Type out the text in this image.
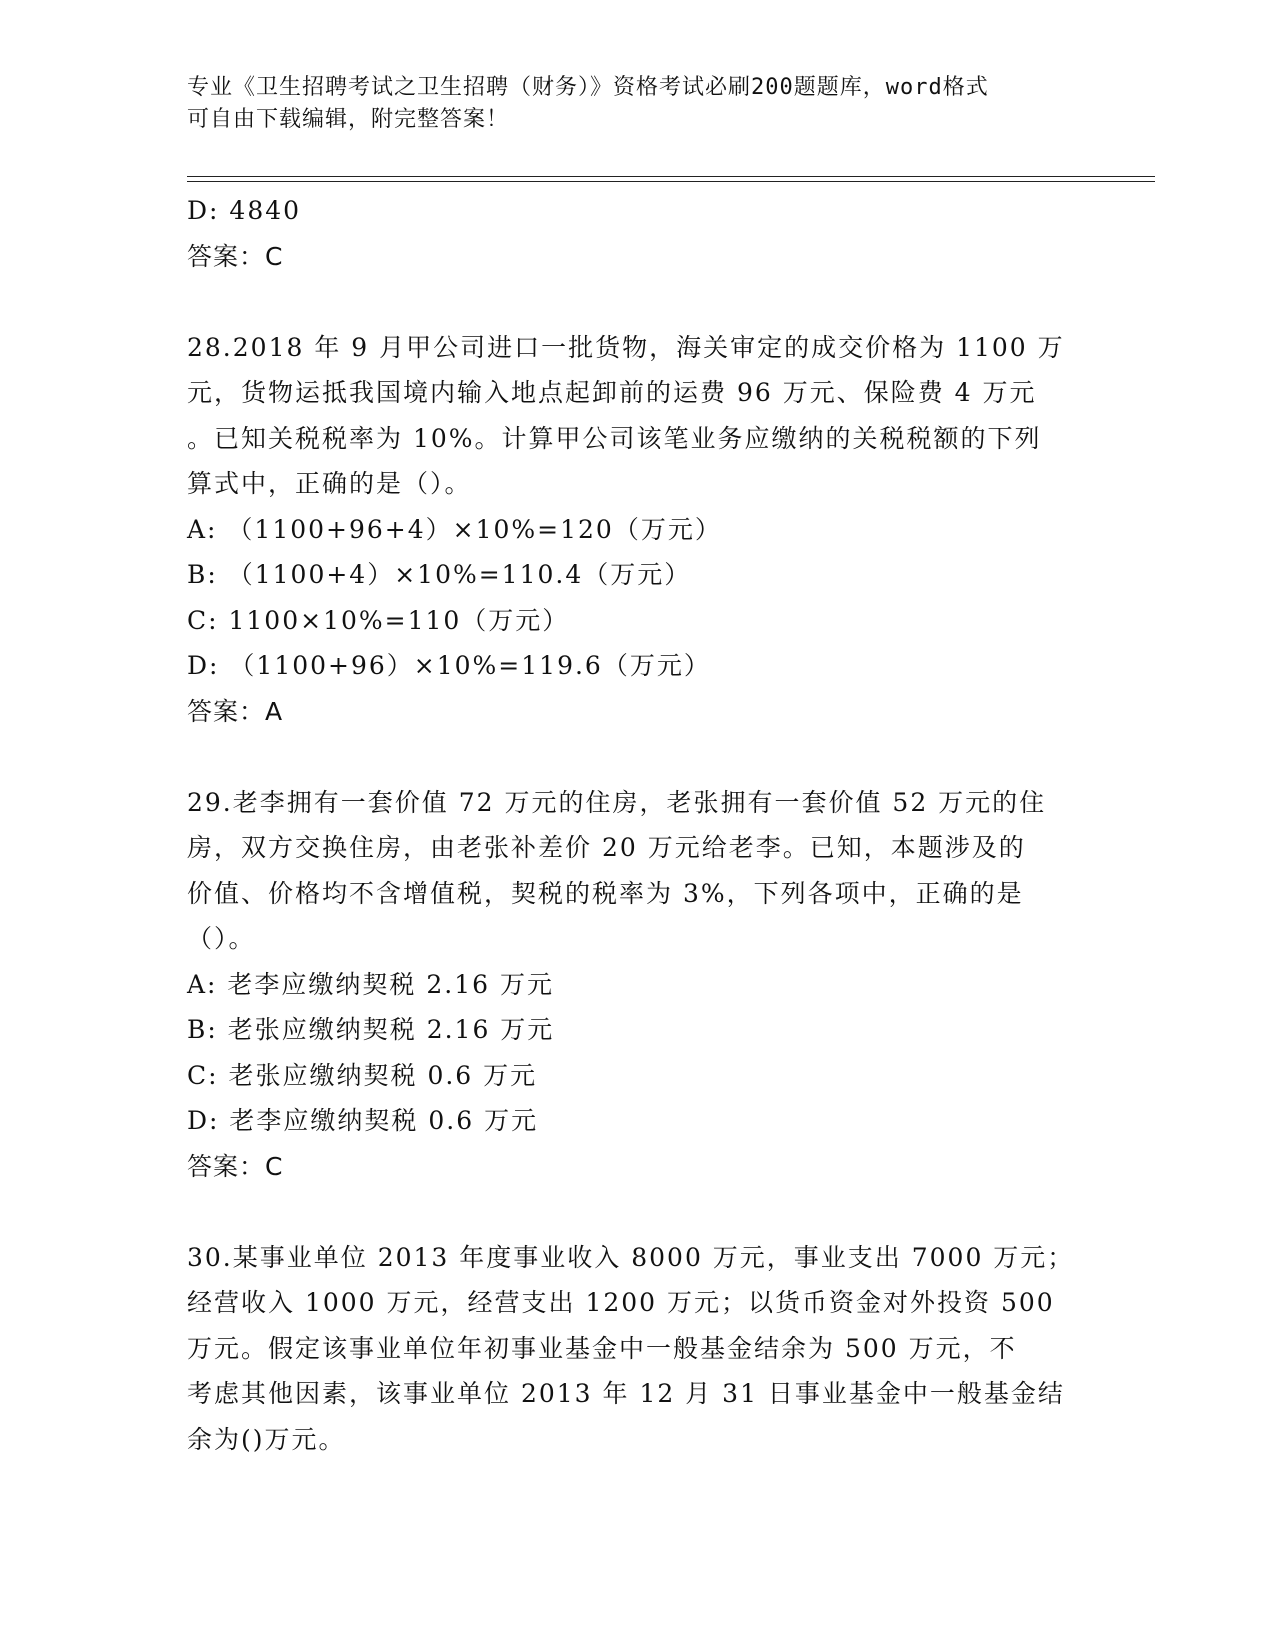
专业《卫生招聘考试之卫生招聘（财务）》资格考试必刷200题题库，word格式
可自由下载编辑，附完整答案！
D: 4840
答案：C
28.2018 年 9 月甲公司进口一批货物，海关审定的成交价格为 1100 万
元，货物运抵我国境内输入地点起卸前的运费 96 万元、保险费 4 万元
。已知关税税率为 10%。计算甲公司该笔业务应缴纳的关税税额的下列
算式中，正确的是（）。
A: （1100+96+4）×10%=120（万元）
B: （1100+4）×10%=110.4（万元）
C: 1100×10%=110（万元）
D: （1100+96）×10%=119.6（万元）
答案：A
29.老李拥有一套价值 72 万元的住房，老张拥有一套价值 52 万元的住
房，双方交换住房，由老张补差价 20 万元给老李。已知，本题涉及的
价值、价格均不含增值税，契税的税率为 3%，下列各项中，正确的是
（）。
A: 老李应缴纳契税 2.16 万元
B: 老张应缴纳契税 2.16 万元
C: 老张应缴纳契税 0.6 万元
D: 老李应缴纳契税 0.6 万元
答案：C
30.某事业单位 2013 年度事业收入 8000 万元，事业支出 7000 万元；
经营收入 1000 万元，经营支出 1200 万元；以货币资金对外投资 500
万元。假定该事业单位年初事业基金中一般基金结余为 500 万元，不
考虑其他因素，该事业单位 2013 年 12 月 31 日事业基金中一般基金结
余为()万元。
